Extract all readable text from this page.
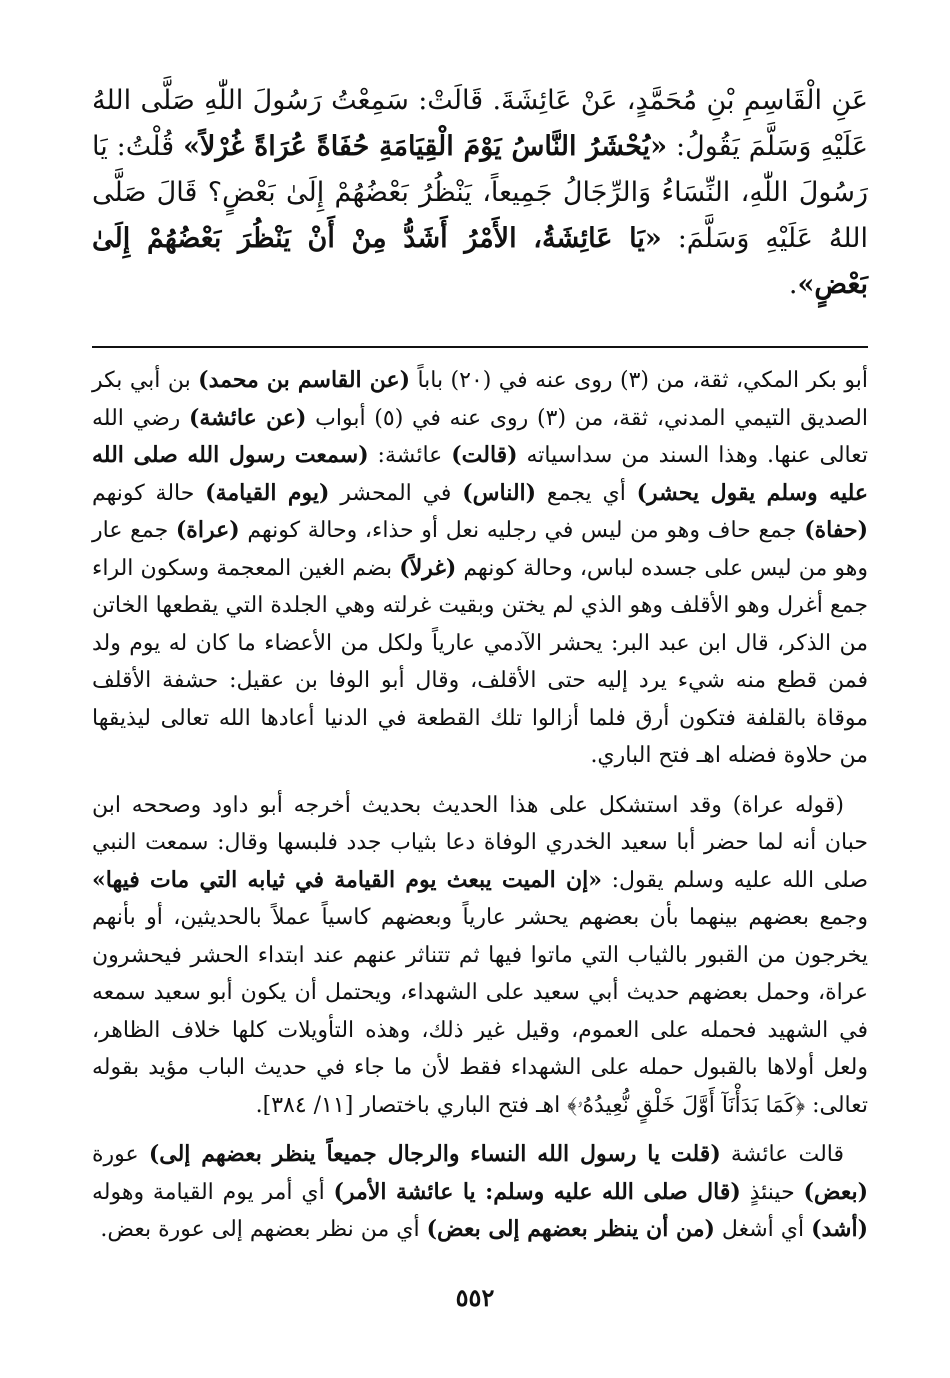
عَنِ الْقَاسِمِ بْنِ مُحَمَّدٍ، عَنْ عَائِشَةَ. قَالَتْ: سَمِعْتُ رَسُولَ اللّٰهِ صَلَّى اللهُ عَلَيْهِ وَسَلَّمَ يَقُولُ: «يُحْشَرُ النَّاسُ يَوْمَ الْقِيَامَةِ حُفَاةً عُرَاةً غُرْلاً» قُلْتُ: يَا رَسُولَ اللّٰهِ، النِّسَاءُ وَالرِّجَالُ جَمِيعاً، يَنْظُرُ بَعْضُهُمْ إِلَىٰ بَعْضٍ؟ قَالَ صَلَّى اللهُ عَلَيْهِ وَسَلَّمَ: «يَا عَائِشَةُ، الأَمْرُ أَشَدُّ مِنْ أَنْ يَنْظُرَ بَعْضُهُمْ إِلَىٰ بَعْضٍ».

أبو بكر المكي، ثقة، من (٣) روى عنه في (٢٠) باباً (عن القاسم بن محمد) بن أبي بكر الصديق التيمي المدني، ثقة، من (٣) روى عنه في (٥) أبواب (عن عائشة) رضي الله تعالى عنها. وهذا السند من سداسياته (قالت) عائشة: (سمعت رسول الله صلى الله عليه وسلم يقول يحشر) أي يجمع (الناس) في المحشر (يوم القيامة) حالة كونهم (حفاة) جمع حاف وهو من ليس في رجليه نعل أو حذاء، وحالة كونهم (عراة) جمع عار وهو من ليس على جسده لباس، وحالة كونهم (غرلاً) بضم الغين المعجمة وسكون الراء جمع أغرل وهو الأقلف وهو الذي لم يختن وبقيت غرلته وهي الجلدة التي يقطعها الخاتن من الذكر، قال ابن عبد البر: يحشر الآدمي عارياً ولكل من الأعضاء ما كان له يوم ولد فمن قطع منه شيء يرد إليه حتى الأقلف، وقال أبو الوفا بن عقيل: حشفة الأقلف موقاة بالقلفة فتكون أرق فلما أزالوا تلك القطعة في الدنيا أعادها الله تعالى ليذيقها من حلاوة فضله اهـ فتح الباري.

(قوله عراة) وقد استشكل على هذا الحديث بحديث أخرجه أبو داود وصححه ابن حبان أنه لما حضر أبا سعيد الخدري الوفاة دعا بثياب جدد فلبسها وقال: سمعت النبي صلى الله عليه وسلم يقول: «إن الميت يبعث يوم القيامة في ثيابه التي مات فيها» وجمع بعضهم بينهما بأن بعضهم يحشر عارياً وبعضهم كاسياً عملاً بالحديثين، أو بأنهم يخرجون من القبور بالثياب التي ماتوا فيها ثم تتناثر عنهم عند ابتداء الحشر فيحشرون عراة، وحمل بعضهم حديث أبي سعيد على الشهداء، ويحتمل أن يكون أبو سعيد سمعه في الشهيد فحمله على العموم، وقيل غير ذلك، وهذه التأويلات كلها خلاف الظاهر، ولعل أولاها بالقبول حمله على الشهداء فقط لأن ما جاء في حديث الباب مؤيد بقوله تعالى: ﴿كَمَا بَدَأْنَآ أَوَّلَ خَلْقٍ نُّعِيدُهُۥ﴾ اهـ فتح الباري باختصار [١١/ ٣٨٤].

قالت عائشة (قلت يا رسول الله النساء والرجال جميعاً ينظر بعضهم إلى) عورة (بعض) حينئذٍ (قال صلى الله عليه وسلم: يا عائشة الأمر) أي أمر يوم القيامة وهوله (أشد) أي أشغل (من أن ينظر بعضهم إلى بعض) أي من نظر بعضهم إلى عورة بعض.

٥٥٢
